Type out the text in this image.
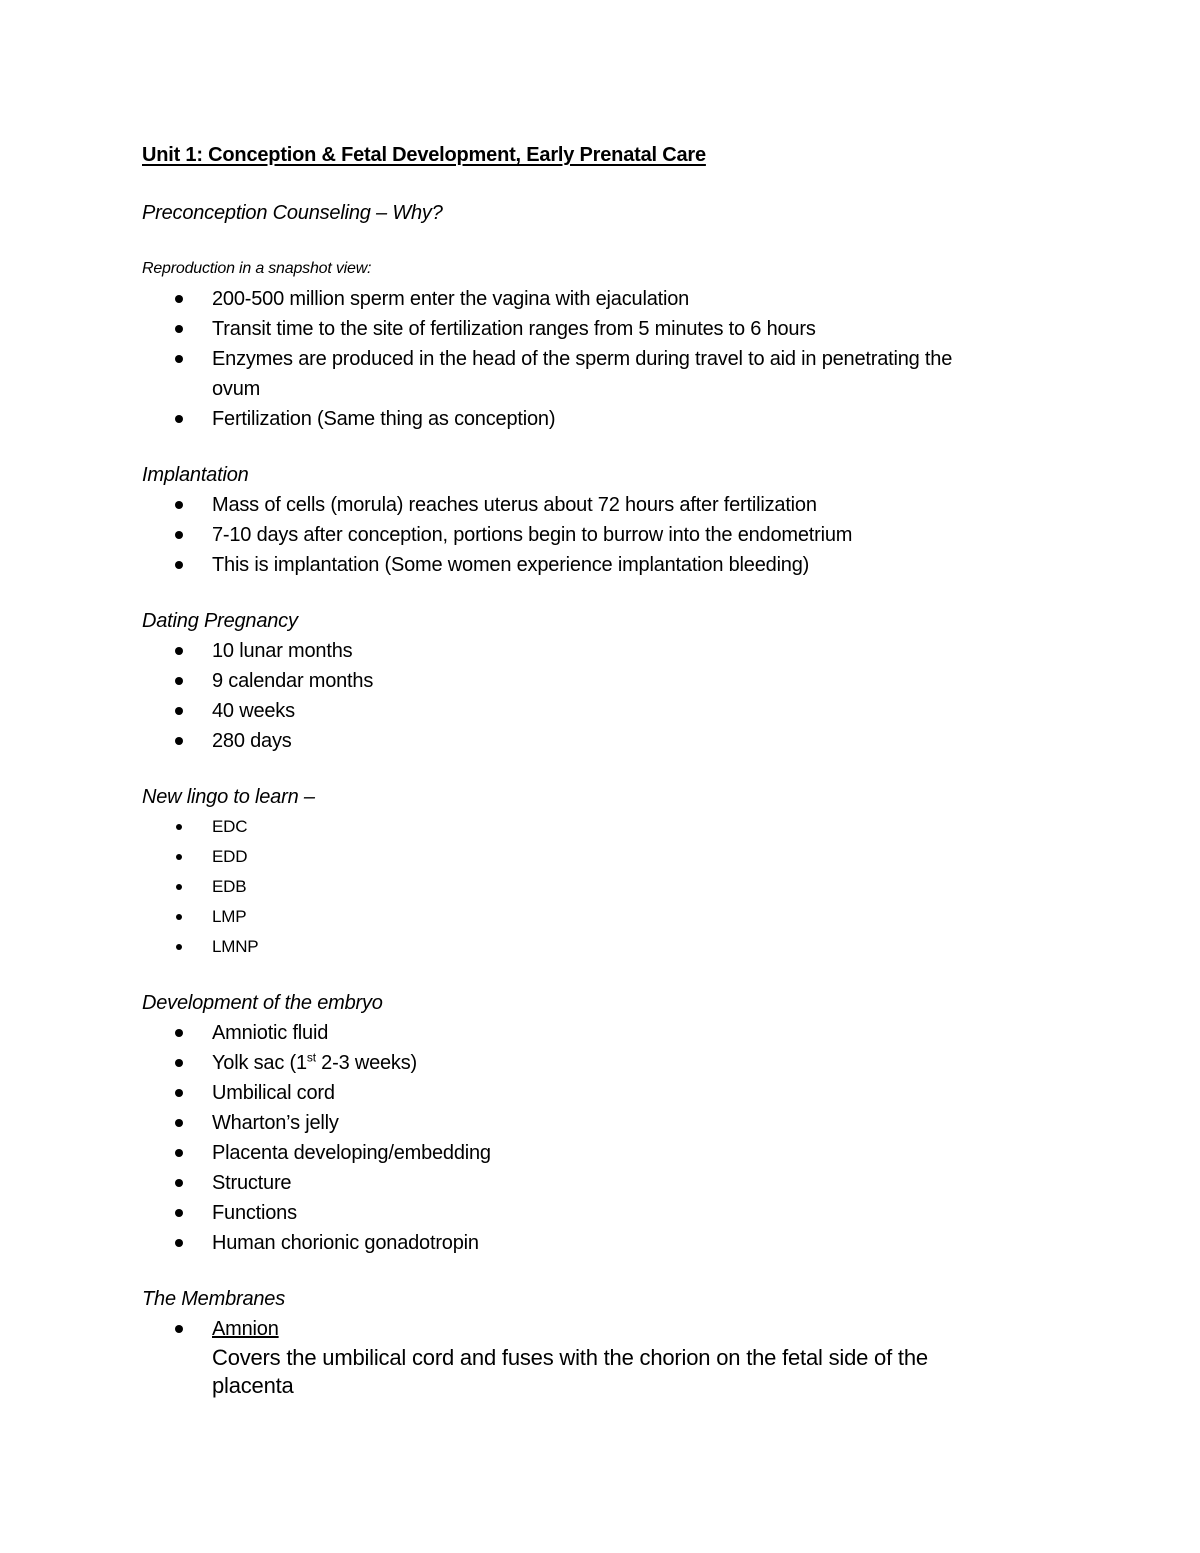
Unit 1: Conception & Fetal Development, Early Prenatal Care

Preconception Counseling – Why?

Reproduction in a snapshot view:

200-500 million sperm enter the vagina with ejaculation
Transit time to the site of fertilization ranges from 5 minutes to 6 hours
Enzymes are produced in the head of the sperm during travel to aid in penetrating the
ovum
Fertilization (Same thing as conception)

Implantation

Mass of cells (morula) reaches uterus about 72 hours after fertilization
7-10 days after conception, portions begin to burrow into the endometrium
This is implantation (Some women experience implantation bleeding)

Dating Pregnancy

10 lunar months
9 calendar months
40 weeks
280 days

New lingo to learn –

EDC
EDD
EDB
LMP
LMNP

Development of the embryo

Amniotic fluid
Yolk sac (1st 2-3 weeks)
Umbilical cord
Wharton’s jelly
Placenta developing/embedding
Structure
Functions
Human chorionic gonadotropin

The Membranes

Amnion
Covers the umbilical cord and fuses with the chorion on the fetal side of the
placenta
